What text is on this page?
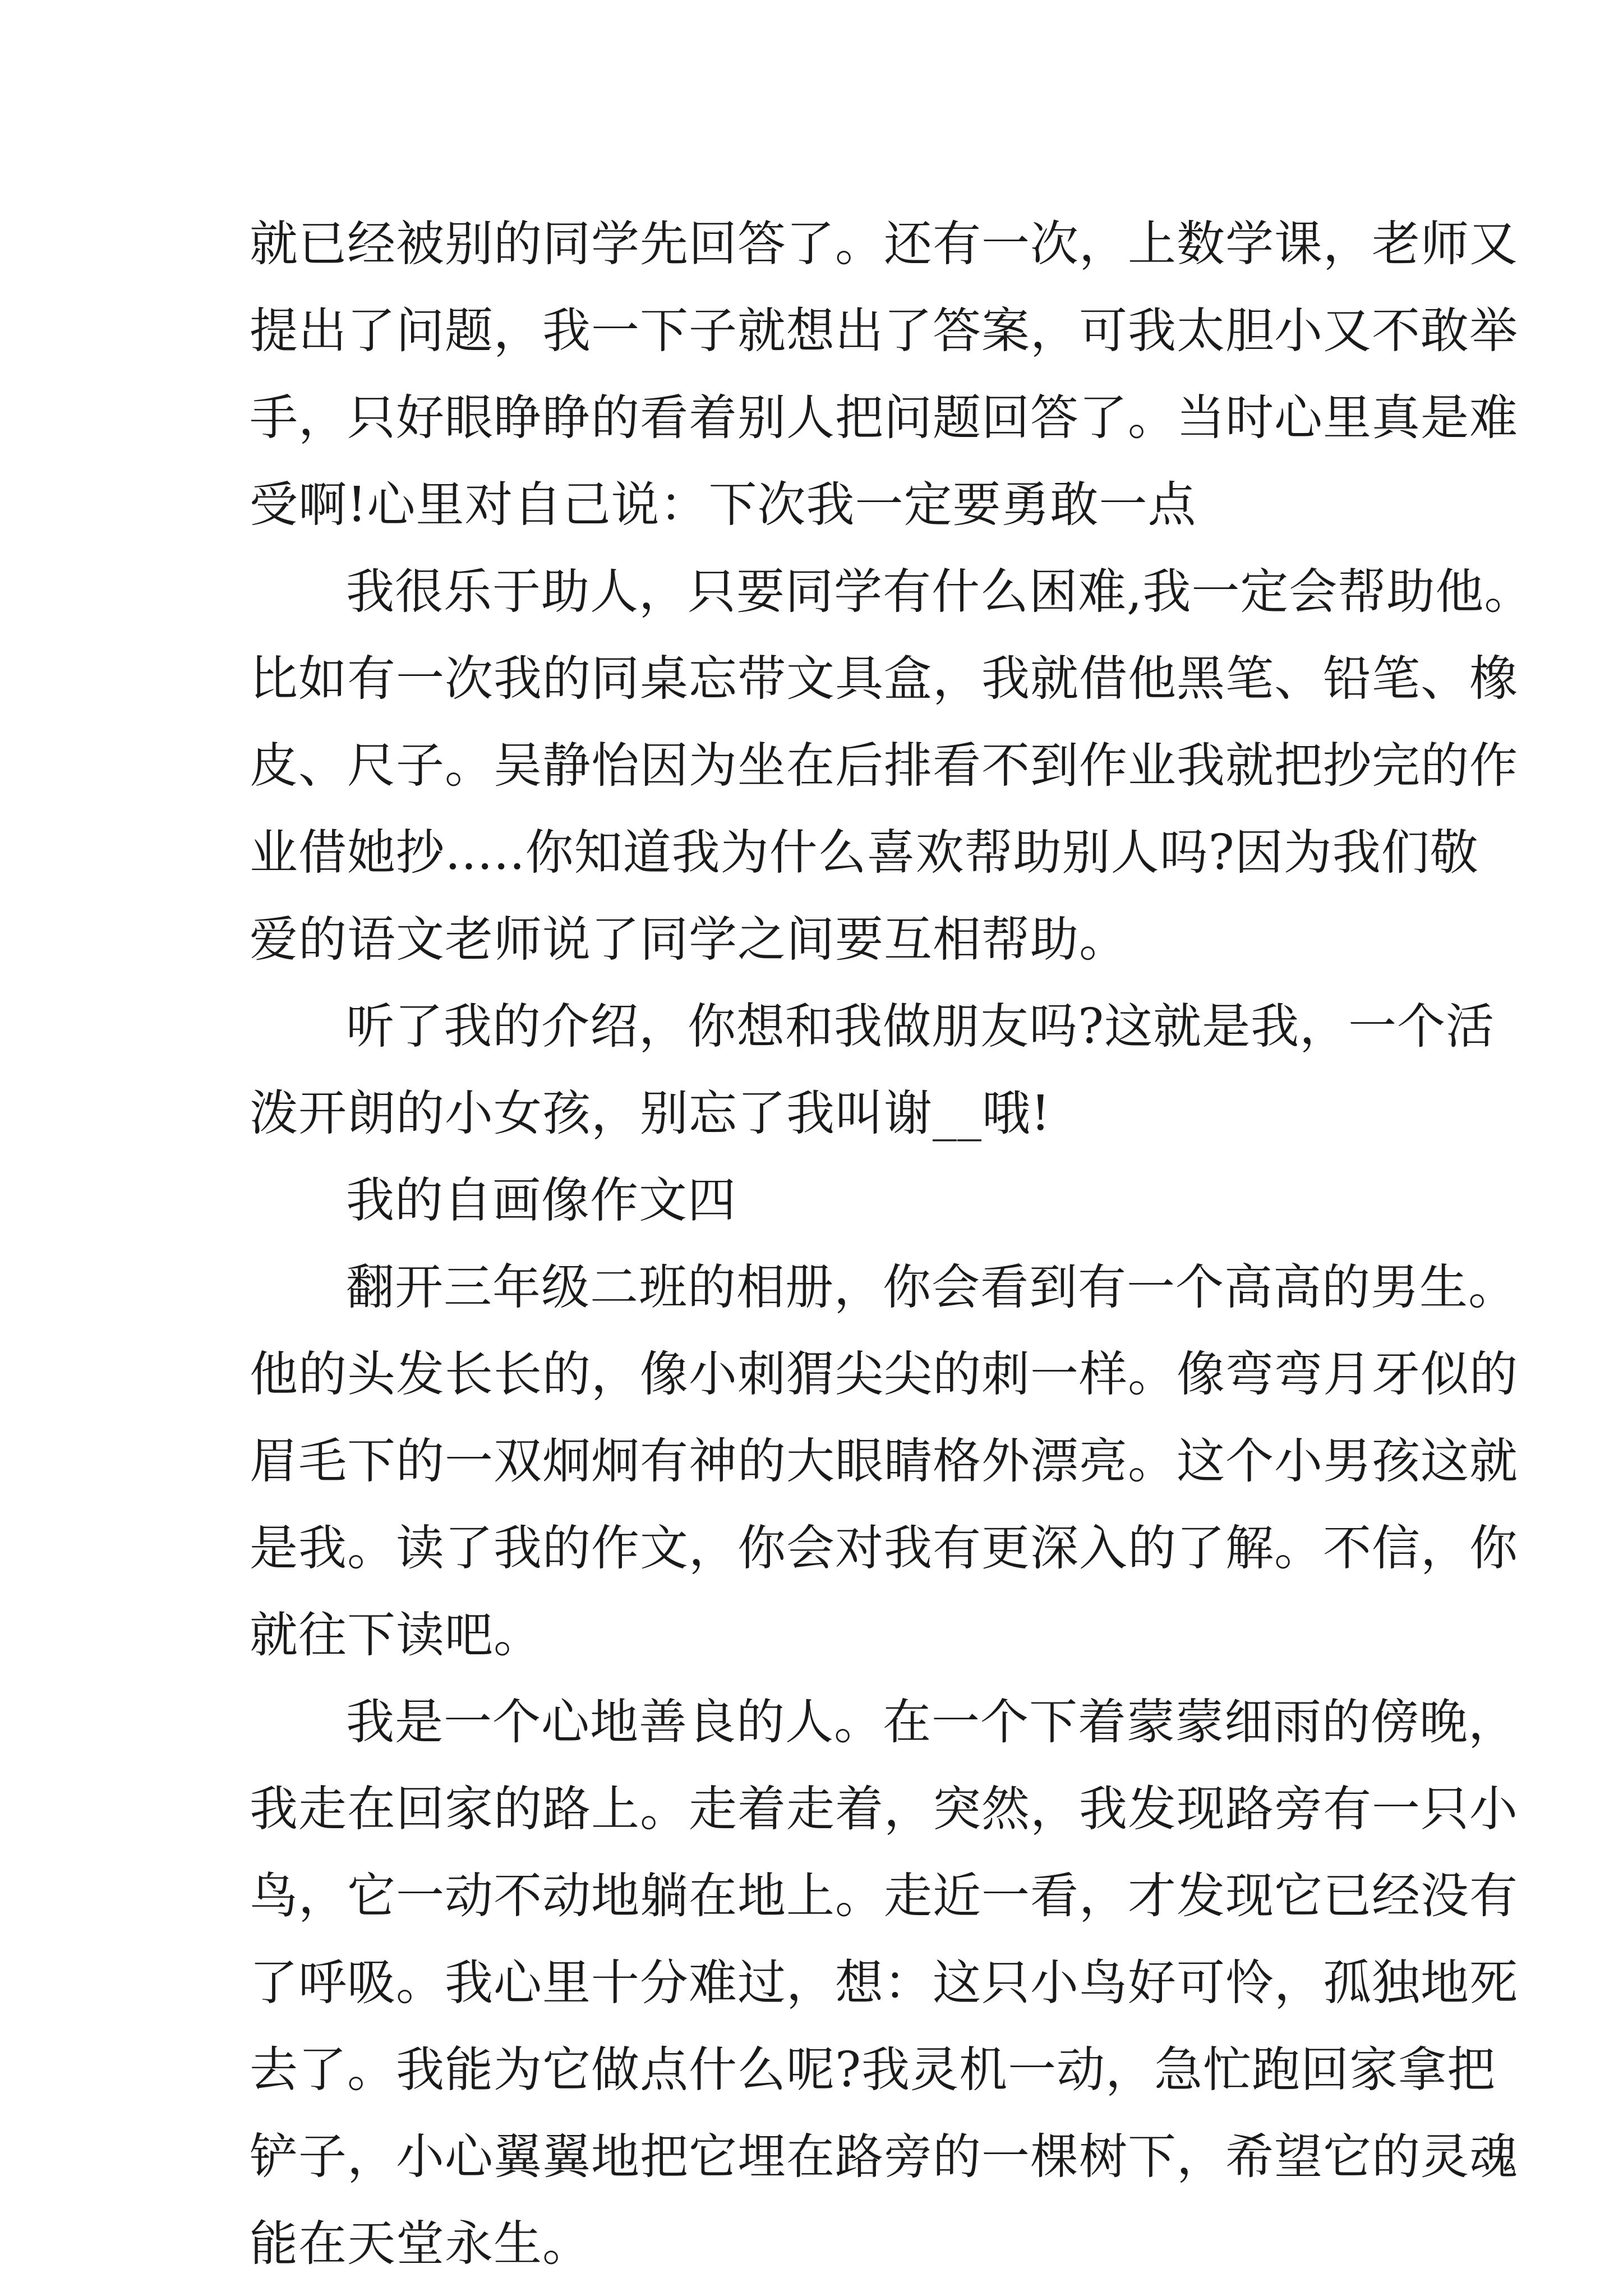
就已经被别的同学先回答了。还有一次，上数学课，老师又
提出了问题，我一下子就想出了答案，可我太胆小又不敢举
手，只好眼睁睁的看着别人把问题回答了。当时心里真是难
受啊!心里对自己说：下次我一定要勇敢一点
我很乐于助人，只要同学有什么困难,我一定会帮助他。
比如有一次我的同桌忘带文具盒，我就借他黑笔、铅笔、橡
皮、尺子。吴静怡因为坐在后排看不到作业我就把抄完的作
业借她抄…..你知道我为什么喜欢帮助别人吗?因为我们敬
爱的语文老师说了同学之间要互相帮助。
听了我的介绍，你想和我做朋友吗?这就是我，一个活
泼开朗的小女孩，别忘了我叫谢__哦!
我的自画像作文四
翻开三年级二班的相册，你会看到有一个高高的男生。
他的头发长长的，像小刺猬尖尖的刺一样。像弯弯月牙似的
眉毛下的一双炯炯有神的大眼睛格外漂亮。这个小男孩这就
是我。读了我的作文，你会对我有更深入的了解。不信，你
就往下读吧。
我是一个心地善良的人。在一个下着蒙蒙细雨的傍晚，
我走在回家的路上。走着走着，突然，我发现路旁有一只小
鸟，它一动不动地躺在地上。走近一看，才发现它已经没有
了呼吸。我心里十分难过，想：这只小鸟好可怜，孤独地死
去了。我能为它做点什么呢?我灵机一动，急忙跑回家拿把
铲子，小心翼翼地把它埋在路旁的一棵树下，希望它的灵魂
能在天堂永生。
